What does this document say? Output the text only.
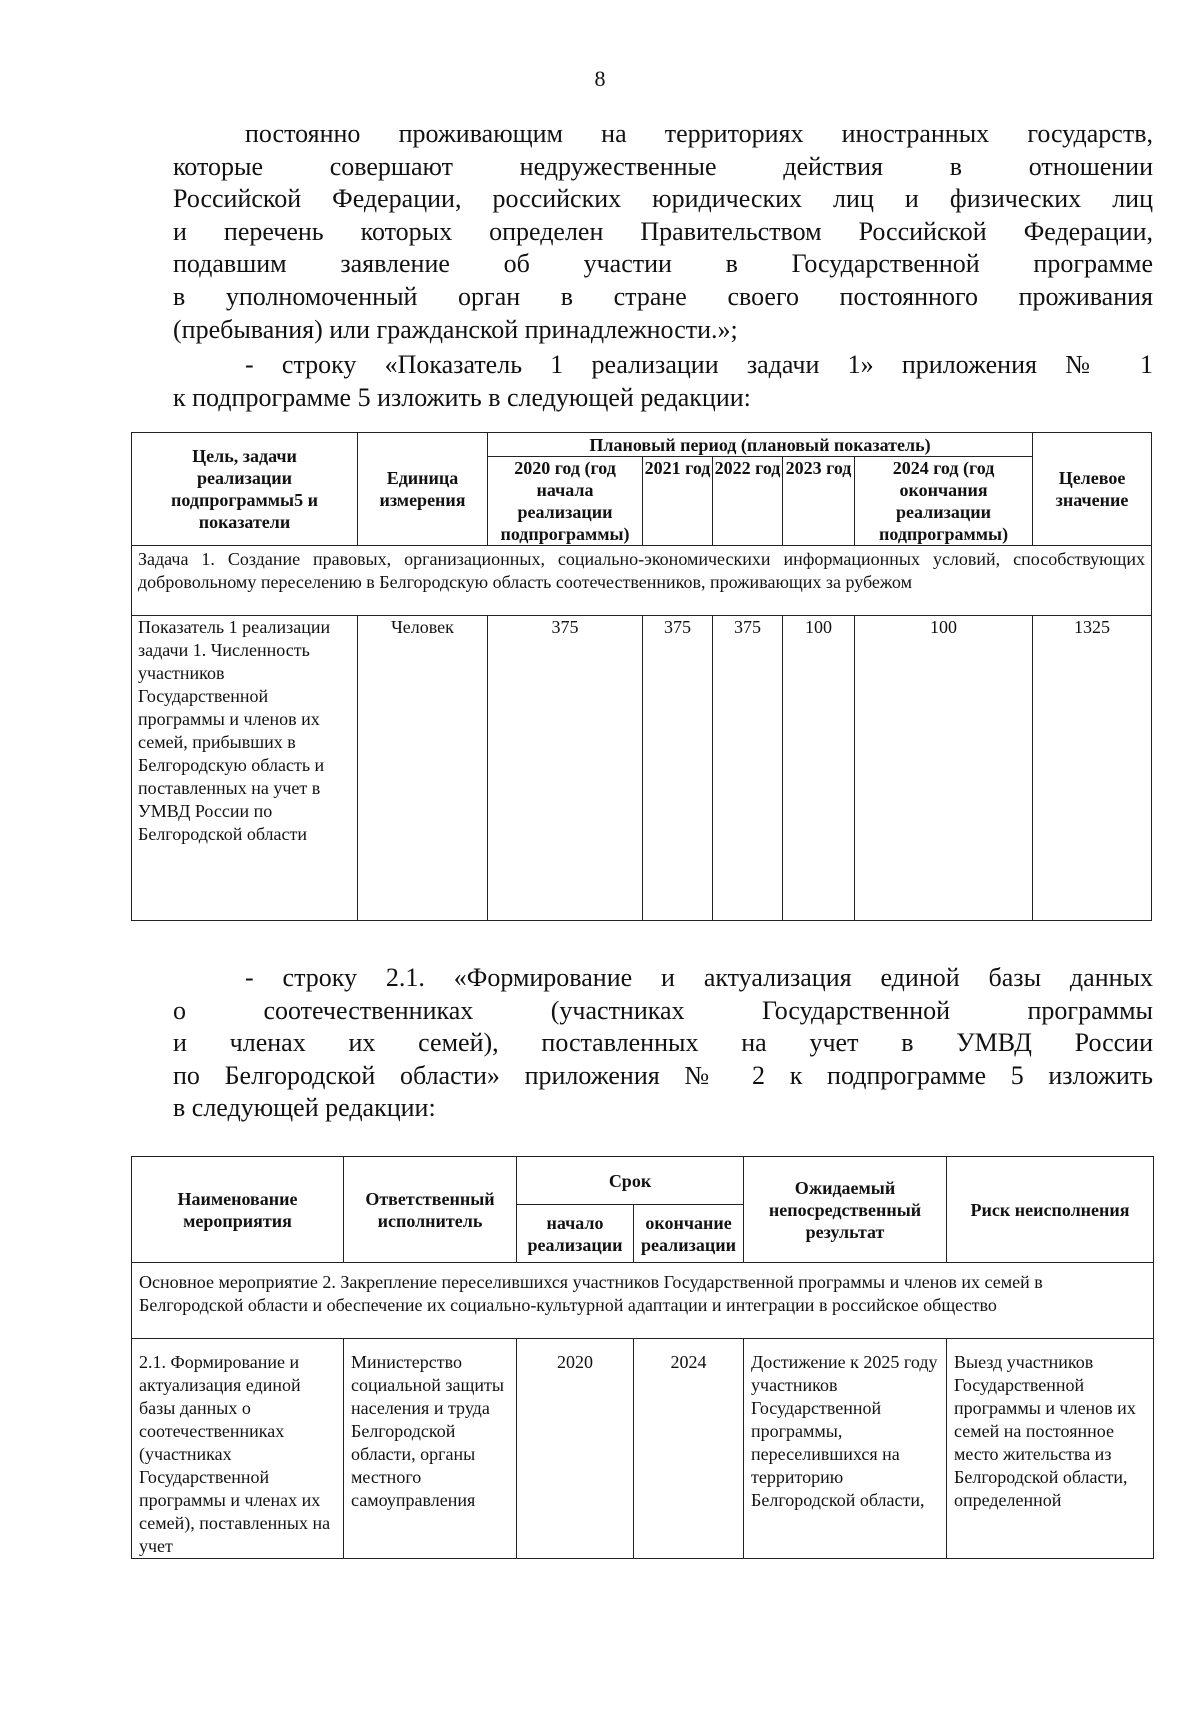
8
постоянно проживающим на территориях иностранных государств,
которые совершают недружественные действия в отношении
Российской Федерации, российских юридических лиц и физических лиц
и перечень которых определен Правительством Российской Федерации,
подавшим заявление об участии в Государственной программе
в уполномоченный орган в стране своего постоянного проживания
(пребывания) или гражданской принадлежности.»;
- строку «Показатель 1 реализации задачи 1» приложения № 1
к подпрограмме 5 изложить в следующей редакции:
Цель, задачи реализации подпрограммы5 и показатели	Единица измерения	Плановый период (плановый показатель)					Целевое значение
		2020 год (год начала реализации подпрограммы)	2021 год	2022 год	2023 год	2024 год (год окончания реализации подпрограммы)	
Задача 1. Создание правовых, организационных, социально-экономическихи информационных условий, способствующих добровольному переселению в Белгородскую область соотечественников, проживающих за рубежом							
Показатель 1 реализации задачи 1. Численность участников Государственной программы и членов их семей, прибывших в Белгородскую область и поставленных на учет в УМВД России по Белгородской области	Человек	375	375	375	100	100	1325
- строку 2.1. «Формирование и актуализация единой базы данных
о соотечественниках (участниках Государственной программы
и членах их семей), поставленных на учет в УМВД России
по Белгородской области» приложения № 2 к подпрограмме 5 изложить
в следующей редакции:
Наименование мероприятия	Ответственный исполнитель	Срок		Ожидаемый непосредственный результат	Риск неисполнения
		начало реализации	окончание реализации		
Основное мероприятие 2. Закрепление переселившихся участников Государственной программы и членов их семей в Белгородской области и обеспечение их социально-культурной адаптации и интеграции в российское общество					
2.1. Формирование и актуализация единой базы данных о соотечественниках (участниках Государственной программы и членах их семей), поставленных на учет	Министерство социальной защиты населения и труда Белгородской области, органы местного самоуправления	2020	2024	Достижение к 2025 году участников Государственной программы, переселившихся на территорию Белгородской области,	Выезд участников Государственной программы и членов их семей на постоянное место жительства из Белгородской области, определенной
